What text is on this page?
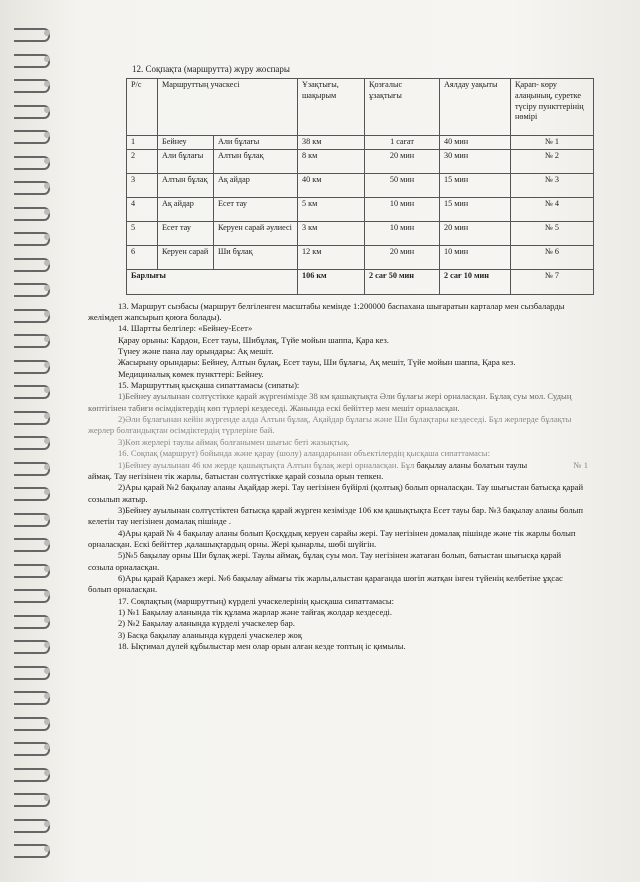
12. Соқпақта (маршрутта) жүру жоспары

Р/с	Маршруттың учаскесі		Ұзақтығы, шақырым	Қозғалыс ұзақтығы	Аялдау уақыты	Қарап- көру алаңының, суретке түсіру пункттерінің нөмірі
1	Бейнеу	Али бұлағы	38 км	1 сағат	40 мин	№ 1
2	Али бұлағы	Алтын бұлақ	8 км	20 мин	30 мин	№ 2
3	Алтын бұлақ	Ақ айдар	40 км	50 мин	15 мин	№ 3
4	Ақ айдар	Есет тау	5 км	10 мин	15 мин	№ 4
5	Есет тау	Керуен сарай әулиесі	3 км	10 мин	20 мин	№ 5
6	Керуен сарай	Ши бұлақ	12 км	20 мин	10 мин	№ 6
Барлығы			106 км	2 сағ 50 мин	2 сағ 10 мин	№ 7

13. Маршрут сызбасы (маршрут белгіленген масштабы кемінде 1:200000 баспахана шығаратын карталар мен сызбаларды желімдеп жапсырып қоюға болады).

14. Шартты белгілер: «Бейнеу-Есет»

Қарау орыны: Кардон, Есет тауы, Шибұлақ, Түйе мойын шаппа, Қара кез.

Түнеу және пана лау орындары: Ақ мешіт.

Жасырыну орындары: Бейнеу, Алтын бұлақ, Есет тауы, Ши бұлағы, Ақ мешіт, Түйе мойын шаппа, Қара кез.

Медициналық көмек пункттері: Бейнеу.

15. Маршруттың қысқаша сипаттамасы (сипаты):

1)Бейнеу ауылынан солтүстікке қарай жүргенімізде 38 км қашықтықта Әли бұлағы жері орналасқан. Бұлақ суы мол. Судың көптігінен табиғи өсімдіктердің көп түрлері кездеседі. Жанында ескі бейіттер мен мешіт орналасқан.

2)Әли бұлағынан кейін жүргенде алда Алтын бұлақ, Ақайдар бұлағы және Ши бұлақтары кездеседі. Бұл жерлерде бұлақты жерлер болғандықтан өсімдіктердің түрлеріне бай.

3)Көп жерлері таулы аймақ болғанымен шығыс беті жазықтық.

16. Соқпақ (маршрут) бойында және қарау (шолу) алаңдарынан объектілердің қысқаша сипаттамасы:

1)Бейнеу ауылынан 46 км жерде қашықтықта Алтын бұлақ жері орналасқан. Бұл	№ 1
бақылау аланы болатын таулы аймақ. Тау негізінен тік жарлы, батыстан солтүстікке қарай созыла орын тепкен.

2)Ары қарай №2 бақылау аланы Ақайдар жері. Тау негізінен бүйірлі (қолтық) болып орналасқан. Тау шығыстан батысқа қарай созылып жатыр.

3)Бейнеу ауылынан солтүстіктен батысқа қарай жүрген кезімізде 106 км қашықтықта Есет тауы бар. №3 бақылау аланы болып келетін тау негізінен домалақ пішінде .

4)Ары қарай № 4 бақылау аланы болып Қосқұдық керуен сарайы жері. Тау негізінен домалақ пішінде және тік жарлы болып орналасқан. Ескі бейіттер ,қалашықтардың орны. Жері қынарлы, шөбі шүйгін.

5)№5 бақылау орны Ши бұлақ жері. Таулы аймақ, бұлақ суы мол. Тау негізінен жатаған болып, батыстан шығысқа қарай созыла орналасқан.

6)Ары қарай Қаракез жері. №6 бақылау аймағы тік жарлы,алыстан қарағанда шөгіп жатқан інген түйенің келбетіне ұқсас болып орналасқан.

17. Соқпақтың (маршруттың) күрделі учаскелерінің қысқаша сипаттамасы:

1) №1 Бақылау аланында тік құлама жарлар және тайғақ жолдар кездеседі.

2) №2 Бақылау аланында күрделі учаскелер бар.

3) Басқа бақылау аланында күрделі учаскелер жоқ

18. Ықтимал дүлей құбылыстар мен олар орын алған кезде топтың іс қимылы.
